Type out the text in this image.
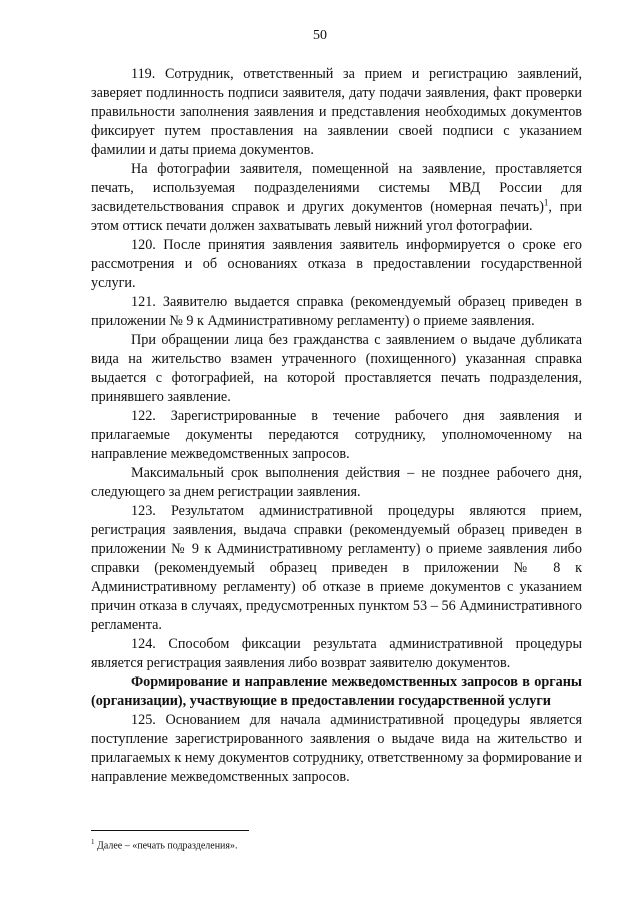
50

119. Сотрудник, ответственный за прием и регистрацию заявлений, заверяет подлинность подписи заявителя, дату подачи заявления, факт проверки правильности заполнения заявления и представления необходимых документов фиксирует путем проставления на заявлении своей подписи с указанием фамилии и даты приема документов.

На фотографии заявителя, помещенной на заявление, проставляется печать, используемая подразделениями системы МВД России для засвидетельствования справок и других документов (номерная печать)$^1$, при этом оттиск печати должен захватывать левый нижний угол фотографии.

120. После принятия заявления заявитель информируется о сроке его рассмотрения и об основаниях отказа в предоставлении государственной услуги.

121. Заявителю выдается справка (рекомендуемый образец приведен в приложении № 9 к Административному регламенту) о приеме заявления.

При обращении лица без гражданства с заявлением о выдаче дубликата вида на жительство взамен утраченного (похищенного) указанная справка выдается с фотографией, на которой проставляется печать подразделения, принявшего заявление.

122. Зарегистрированные в течение рабочего дня заявления и прилагаемые документы передаются сотруднику, уполномоченному на направление межведомственных запросов.

Максимальный срок выполнения действия – не позднее рабочего дня, следующего за днем регистрации заявления.

123. Результатом административной процедуры являются прием, регистрация заявления, выдача справки (рекомендуемый образец приведен в приложении № 9 к Административному регламенту) о приеме заявления либо справки (рекомендуемый образец приведен в приложении № 8 к Административному регламенту) об отказе в приеме документов с указанием причин отказа в случаях, предусмотренных пунктом 53 – 56 Административного регламента.

124. Способом фиксации результата административной процедуры является регистрация заявления либо возврат заявителю документов.

Формирование и направление межведомственных запросов в органы (организации), участвующие в предоставлении государственной услуги

125. Основанием для начала административной процедуры является поступление зарегистрированного заявления о выдаче вида на жительство и прилагаемых к нему документов сотруднику, ответственному за формирование и направление межведомственных запросов.

$^1$ Далее – «печать подразделения».
